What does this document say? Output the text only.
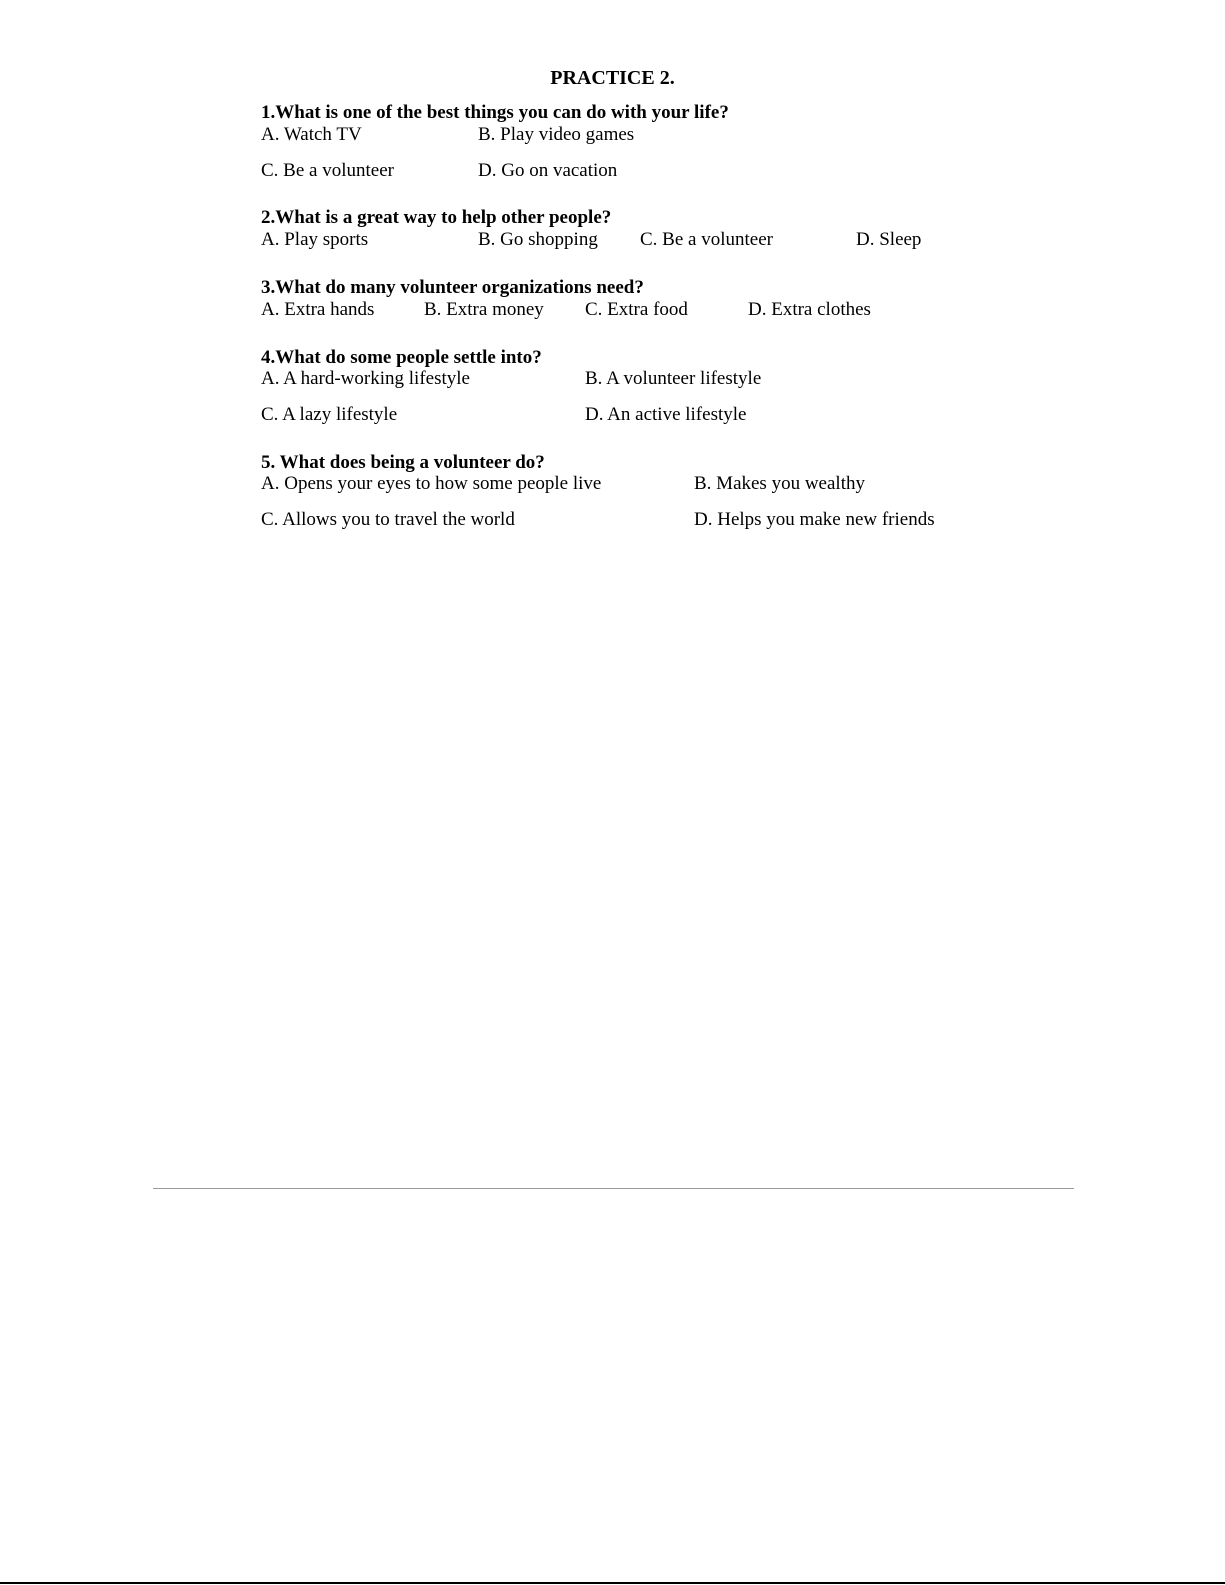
PRACTICE 2.

1.What is one of the best things you can do with your life?

A. Watch TV	B. Play video games
C. Be a volunteer	D. Go on vacation

2.What is a great way to help other people?

A. Play sports	B. Go shopping C. Be a volunteer	D. Sleep

3.What do many volunteer organizations need?

A. Extra hands	B. Extra money C. Extra food	D. Extra clothes

4.What do some people settle into?

A. A hard-working lifestyle	B. A volunteer lifestyle
C. A lazy lifestyle	D. An active lifestyle

5. What does being a volunteer do?

A. Opens your eyes to how some people live	B. Makes you wealthy
C. Allows you to travel the world	D. Helps you make new friends
